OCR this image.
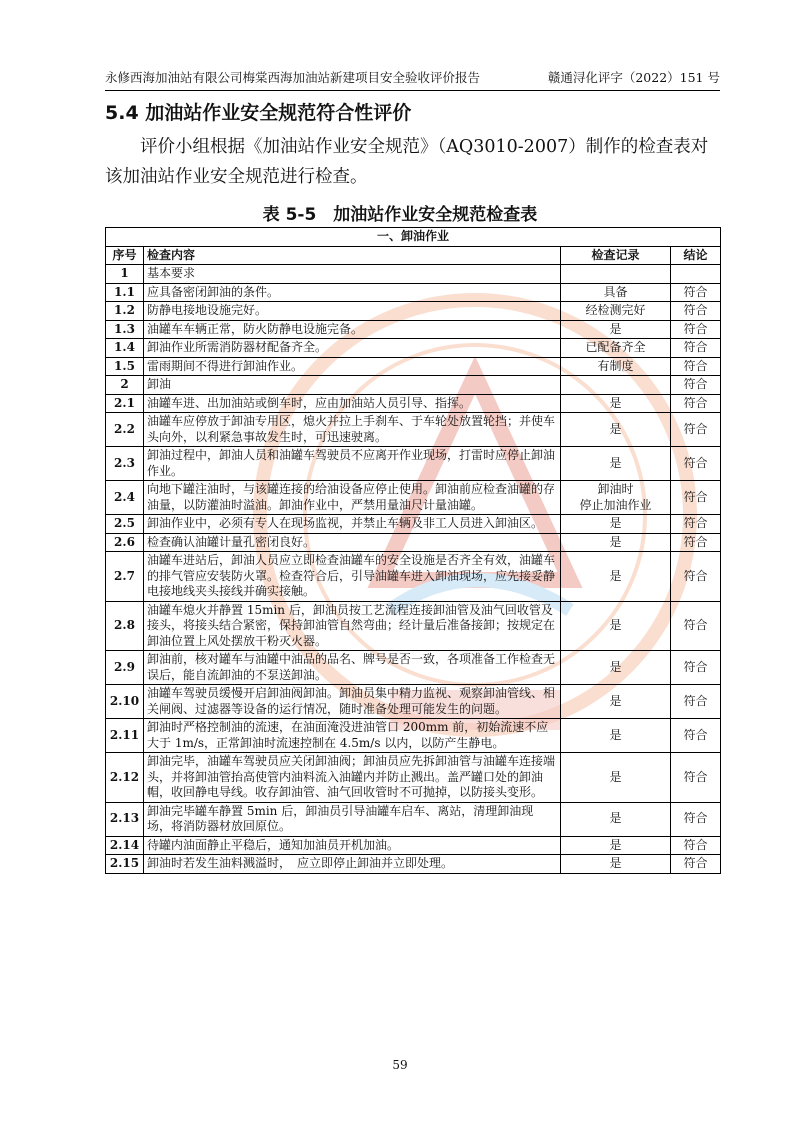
永修西海加油站有限公司梅棠西海加油站新建项目安全验收评价报告	赣通浔化评字（2022）151 号
5.4 加油站作业安全规范符合性评价

评价小组根据《加油站作业安全规范》（AQ3010-2007）制作的检查表对该加油站作业安全规范进行检查。

表 5-5　加油站作业安全规范检查表
一、卸油作业			
序号	检查内容	检查记录	结论
1	基本要求		
1.1	应具备密闭卸油的条件。	具备	符合
1.2	防静电接地设施完好。	经检测完好	符合
1.3	油罐车车辆正常，防火防静电设施完备。	是	符合
1.4	卸油作业所需消防器材配备齐全。	已配备齐全	符合
1.5	雷雨期间不得进行卸油作业。	有制度	符合
2	卸油		符合
2.1	油罐车进、出加油站或倒车时，应由加油站人员引导、指挥。	是	符合
2.2	油罐车应停放于卸油专用区，熄火并拉上手刹车、于车轮处放置轮挡；并使车头向外，以利紧急事故发生时，可迅速驶离。	是	符合
2.3	卸油过程中，卸油人员和油罐车驾驶员不应离开作业现场，打雷时应停止卸油作业。	是	符合
2.4	向地下罐注油时，与该罐连接的给油设备应停止使用。卸油前应检查油罐的存油量，以防灌油时溢油。卸油作业中，严禁用量油尺计量油罐。	卸油时
停止加油作业	符合
2.5	卸油作业中，必须有专人在现场监视，并禁止车辆及非工人员进入卸油区。	是	符合
2.6	检查确认油罐计量孔密闭良好。	是	符合
2.7	油罐车进站后，卸油人员应立即检查油罐车的安全设施是否齐全有效，油罐车的排气管应安装防火罩。检查符合后，引导油罐车进入卸油现场，应先接妥静电接地线夹头接线并确实接触。	是	符合
2.8	油罐车熄火并静置 15min 后，卸油员按工艺流程连接卸油管及油气回收管及接头，将接头结合紧密，保持卸油管自然弯曲；经计量后准备接卸；按规定在卸油位置上风处摆放干粉灭火器。	是	符合
2.9	卸油前，核对罐车与油罐中油品的品名、牌号是否一致，各项准备工作检查无误后，能自流卸油的不泵送卸油。	是	符合
2.10	油罐车驾驶员缓慢开启卸油阀卸油。卸油员集中精力监视、观察卸油管线、相关闸阀、过滤器等设备的运行情况，随时准备处理可能发生的问题。	是	符合
2.11	卸油时严格控制油的流速，在油面淹没进油管口 200mm 前，初始流速不应大于 1m/s，正常卸油时流速控制在 4.5m/s 以内，以防产生静电。	是	符合
2.12	卸油完毕，油罐车驾驶员应关闭卸油阀；卸油员应先拆卸油管与油罐车连接端头，并将卸油管抬高使管内油料流入油罐内并防止溅出。盖严罐口处的卸油帽，收回静电导线。收存卸油管、油气回收管时不可抛掉，以防接头变形。	是	符合
2.13	卸油完毕罐车静置 5min 后，卸油员引导油罐车启车、离站，清理卸油现场，将消防器材放回原位。	是	符合
2.14	待罐内油面静止平稳后，通知加油员开机加油。	是	符合
2.15	卸油时若发生油料溅溢时，　应立即停止卸油并立即处理。	是	符合
59
